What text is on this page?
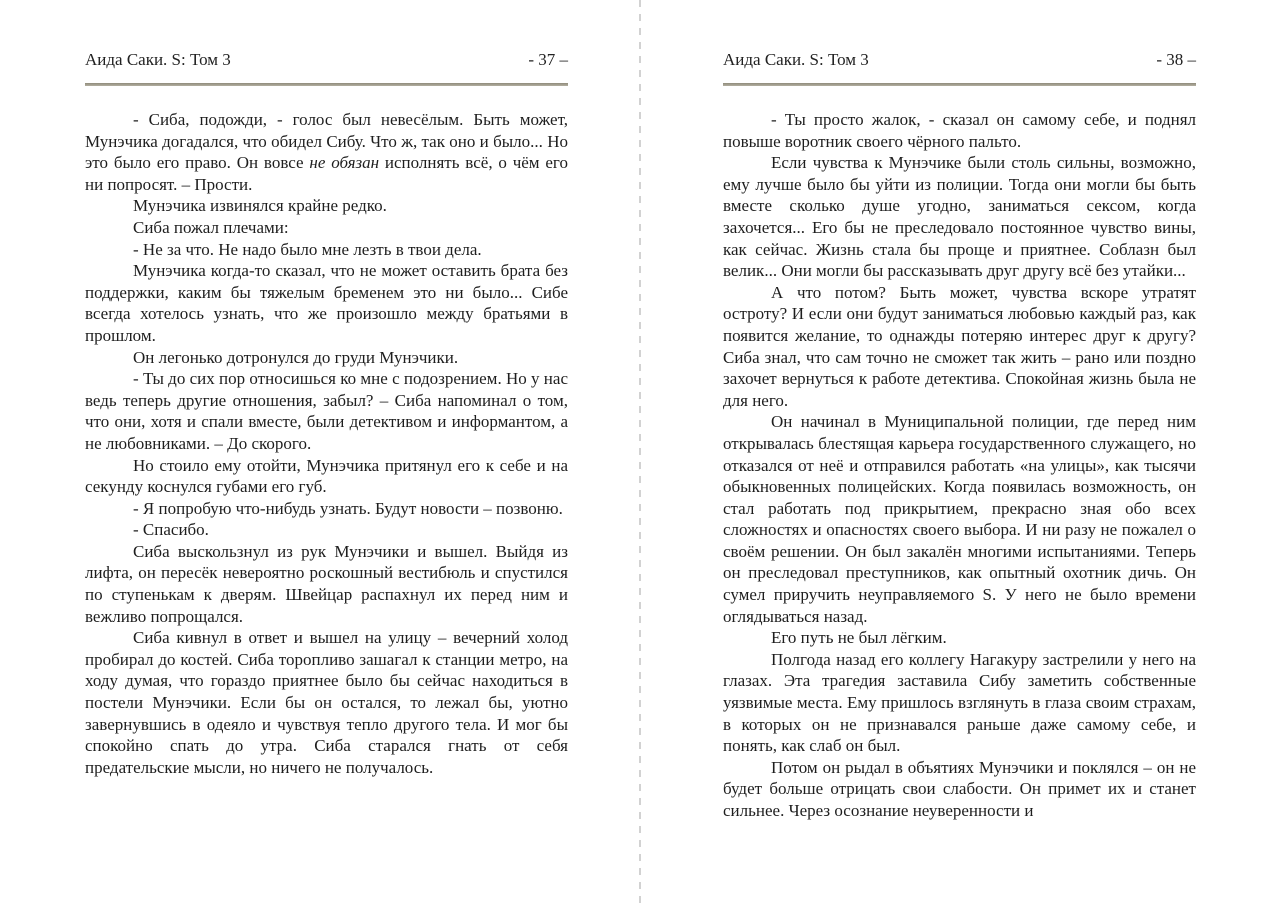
Аида Саки. S: Том 3	- 37 –

- Сиба, подожди, - голос был невесёлым. Быть может, Мунэчика догадался, что обидел Сибу. Что ж, так оно и было... Но это было его право. Он вовсе не обязан исполнять всё, о чём его ни попросят. – Прости.

Мунэчика извинялся крайне редко.

Сиба пожал плечами:

- Не за что. Не надо было мне лезть в твои дела.

Мунэчика когда-то сказал, что не может оставить брата без поддержки, каким бы тяжелым бременем это ни было... Сибе всегда хотелось узнать, что же произошло между братьями в прошлом.

Он легонько дотронулся до груди Мунэчики.

- Ты до сих пор относишься ко мне с подозрением. Но у нас ведь теперь другие отношения, забыл? – Сиба напоминал о том, что они, хотя и спали вместе, были детективом и информантом, а не любовниками. – До скорого.

Но стоило ему отойти, Мунэчика притянул его к себе и на секунду коснулся губами его губ.

- Я попробую что-нибудь узнать. Будут новости – позвоню.

- Спасибо.

Сиба выскользнул из рук Мунэчики и вышел. Выйдя из лифта, он пересёк невероятно роскошный вестибюль и спустился по ступенькам к дверям. Швейцар распахнул их перед ним и вежливо попрощался.

Сиба кивнул в ответ и вышел на улицу – вечерний холод пробирал до костей. Сиба торопливо зашагал к станции метро, на ходу думая, что гораздо приятнее было бы сейчас находиться в постели Мунэчики. Если бы он остался, то лежал бы, уютно завернувшись в одеяло и чувствуя тепло другого тела. И мог бы спокойно спать до утра. Сиба старался гнать от себя предательские мысли, но ничего не получалось.

Аида Саки. S: Том 3	- 38 –

- Ты просто жалок, - сказал он самому себе, и поднял повыше воротник своего чёрного пальто.

Если чувства к Мунэчике были столь сильны, возможно, ему лучше было бы уйти из полиции. Тогда они могли бы быть вместе сколько душе угодно, заниматься сексом, когда захочется... Его бы не преследовало постоянное чувство вины, как сейчас. Жизнь стала бы проще и приятнее. Соблазн был велик... Они могли бы рассказывать друг другу всё без утайки...

А что потом? Быть может, чувства вскоре утратят остроту? И если они будут заниматься любовью каждый раз, как появится желание, то однажды потеряю интерес друг к другу? Сиба знал, что сам точно не сможет так жить – рано или поздно захочет вернуться к работе детектива. Спокойная жизнь была не для него.

Он начинал в Муниципальной полиции, где перед ним открывалась блестящая карьера государственного служащего, но отказался от неё и отправился работать «на улицы», как тысячи обыкновенных полицейских. Когда появилась возможность, он стал работать под прикрытием, прекрасно зная обо всех сложностях и опасностях своего выбора. И ни разу не пожалел о своём решении. Он был закалён многими испытаниями. Теперь он преследовал преступников, как опытный охотник дичь. Он сумел приручить неуправляемого S. У него не было времени оглядываться назад.

Его путь не был лёгким.

Полгода назад его коллегу Нагакуру застрелили у него на глазах. Эта трагедия заставила Сибу заметить собственные уязвимые места. Ему пришлось взглянуть в глаза своим страхам, в которых он не признавался раньше даже самому себе, и понять, как слаб он был.

Потом он рыдал в объятиях Мунэчики и поклялся – он не будет больше отрицать свои слабости. Он примет их и станет сильнее. Через осознание неуверенности и
